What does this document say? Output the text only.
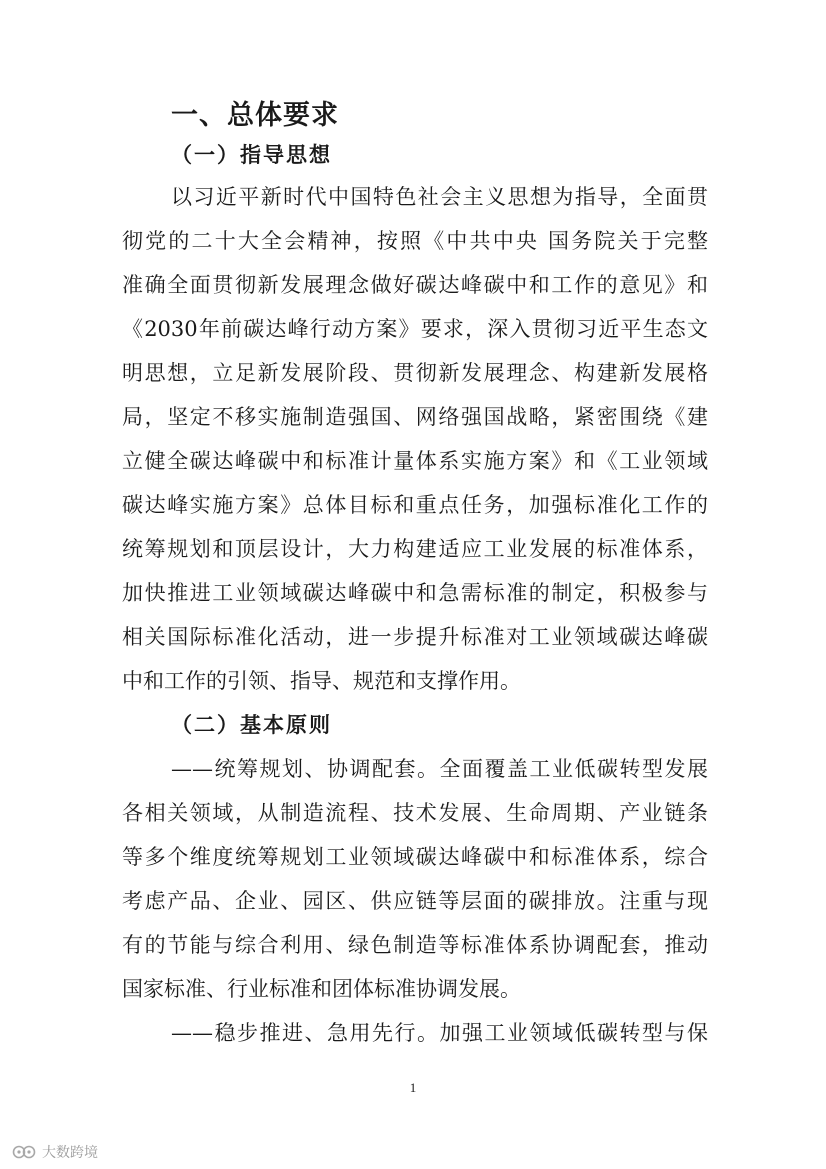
一、总体要求
（一）指导思想
以习近平新时代中国特色社会主义思想为指导，全面贯
彻党的二十大全会精神，按照《中共中央 国务院关于完整
准确全面贯彻新发展理念做好碳达峰碳中和工作的意见》和
《2030年前碳达峰行动方案》要求，深入贯彻习近平生态文
明思想，立足新发展阶段、贯彻新发展理念、构建新发展格
局，坚定不移实施制造强国、网络强国战略，紧密围绕《建
立健全碳达峰碳中和标准计量体系实施方案》和《工业领域
碳达峰实施方案》总体目标和重点任务，加强标准化工作的
统筹规划和顶层设计，大力构建适应工业发展的标准体系，
加快推进工业领域碳达峰碳中和急需标准的制定，积极参与
相关国际标准化活动，进一步提升标准对工业领域碳达峰碳
中和工作的引领、指导、规范和支撑作用。
（二）基本原则
——统筹规划、协调配套。全面覆盖工业低碳转型发展
各相关领域，从制造流程、技术发展、生命周期、产业链条
等多个维度统筹规划工业领域碳达峰碳中和标准体系，综合
考虑产品、企业、园区、供应链等层面的碳排放。注重与现
有的节能与综合利用、绿色制造等标准体系协调配套，推动
国家标准、行业标准和团体标准协调发展。
——稳步推进、急用先行。加强工业领域低碳转型与保
1
大数跨境
